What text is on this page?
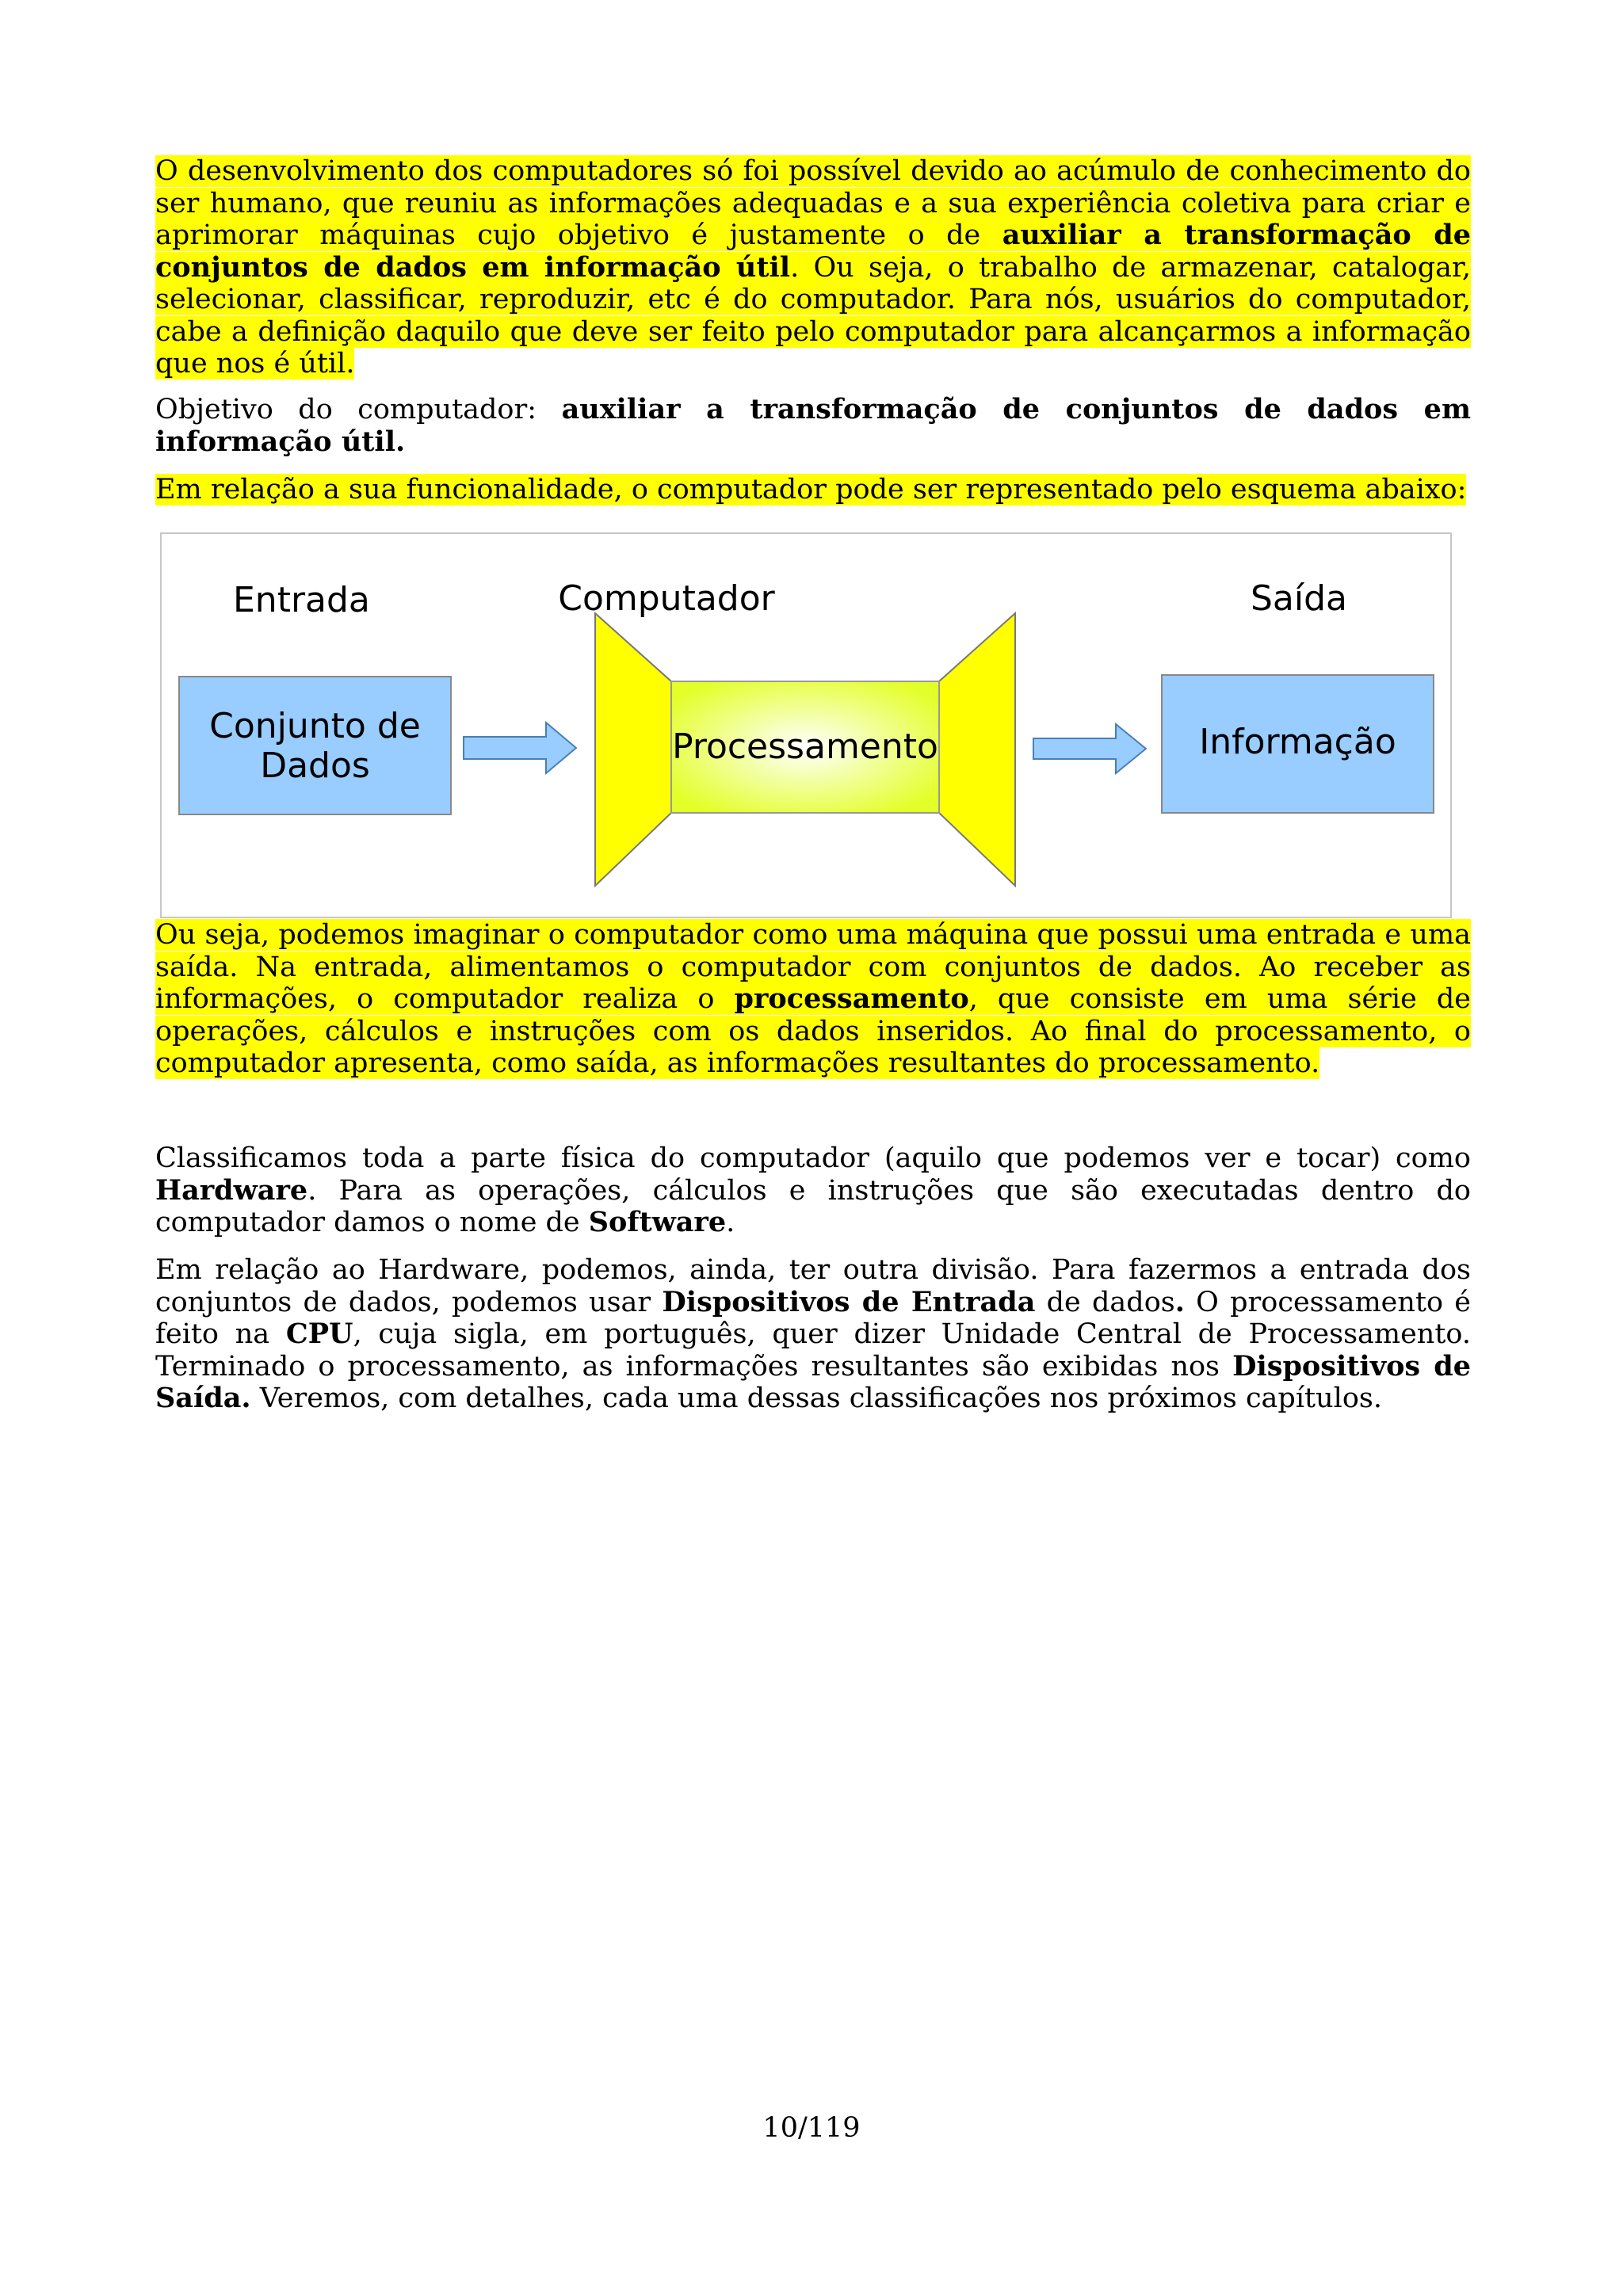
O desenvolvimento dos computadores só foi possível devido ao acúmulo de conhecimento do ser humano, que reuniu as informações adequadas e a sua experiência coletiva para criar e aprimorar máquinas cujo objetivo é justamente o de auxiliar a transformação de conjuntos de dados em informação útil. Ou seja, o trabalho de armazenar, catalogar, selecionar, classificar, reproduzir, etc é do computador. Para nós, usuários do computador, cabe a definição daquilo que deve ser feito pelo computador para alcançarmos a informação que nos é útil.

Objetivo do computador: auxiliar a transformação de conjuntos de dados em informação útil.

Em relação a sua funcionalidade, o computador pode ser representado pelo esquema abaixo:

Entrada	Computador	Saída
Conjunto de
Dados	Processamento	Informação

Ou seja, podemos imaginar o computador como uma máquina que possui uma entrada e uma saída. Na entrada, alimentamos o computador com conjuntos de dados. Ao receber as informações, o computador realiza o processamento, que consiste em uma série de operações, cálculos e instruções com os dados inseridos. Ao final do processamento, o computador apresenta, como saída, as informações resultantes do processamento.

Classificamos toda a parte física do computador (aquilo que podemos ver e tocar) como Hardware. Para as operações, cálculos e instruções que são executadas dentro do computador damos o nome de Software.

Em relação ao Hardware, podemos, ainda, ter outra divisão. Para fazermos a entrada dos conjuntos de dados, podemos usar Dispositivos de Entrada de dados. O processamento é feito na CPU, cuja sigla, em português, quer dizer Unidade Central de Processamento. Terminado o processamento, as informações resultantes são exibidas nos Dispositivos de Saída. Veremos, com detalhes, cada uma dessas classificações nos próximos capítulos.

10/119
